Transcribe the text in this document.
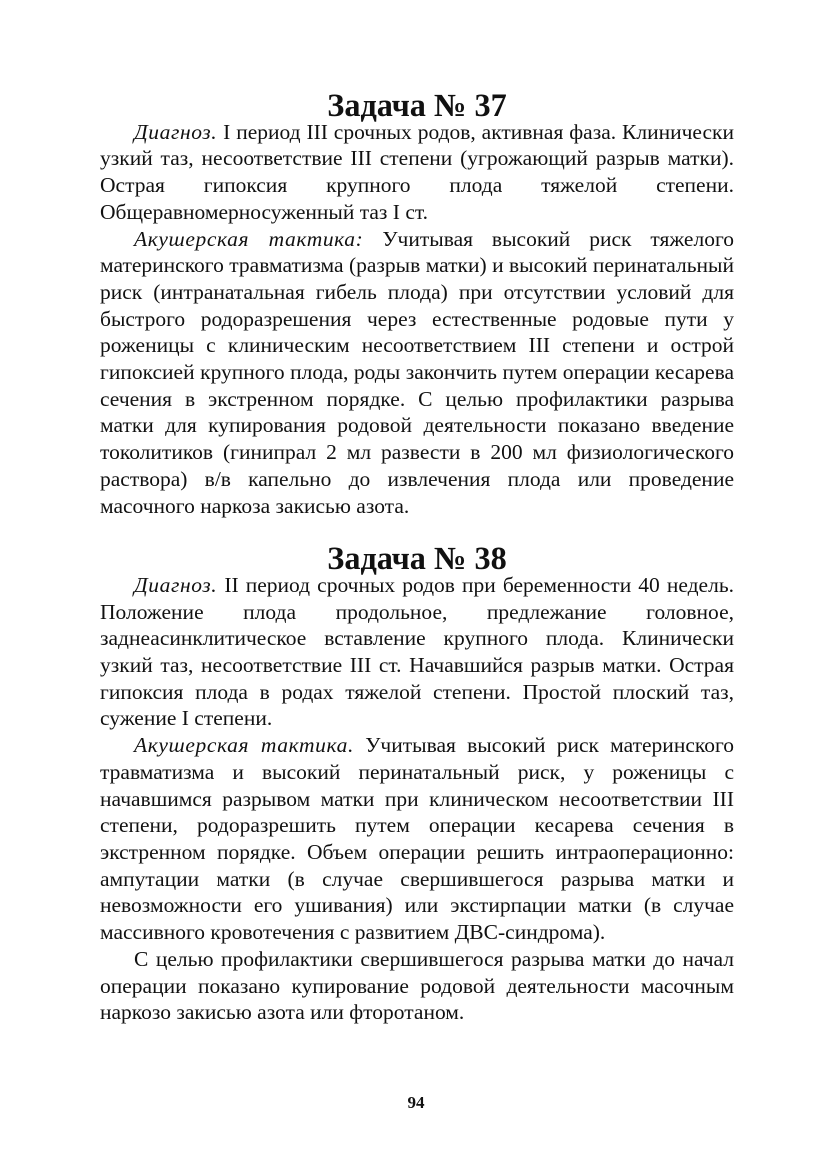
Задача № 37

Диагноз. I период III срочных родов, активная фаза. Клинически узкий таз, несоответствие III степени (угрожающий разрыв матки). Острая гипоксия крупного плода тяжелой степени. Общеравномерносуженный таз I ст.

Акушерская тактика: Учитывая высокий риск тяжелого материнского травматизма (разрыв матки) и высокий перинатальный риск (интранатальная гибель плода) при отсутствии условий для быстрого родоразрешения через естественные родовые пути у роженицы с клиническим несоответствием III степени и острой гипоксией крупного плода, роды закончить путем операции кесарева сечения в экстренном порядке. С целью профилактики разрыва матки для купирования родовой деятельности показано введение токолитиков (гинипрал 2 мл развести в 200 мл физиологического раствора) в/в капельно до извлечения плода или проведение масочного наркоза закисью азота.

Задача № 38

Диагноз. II период срочных родов при беременности 40 недель. Положение плода продольное, предлежание головное, заднеасинклитическое вставление крупного плода. Клинически узкий таз, несоответствие III ст. Начавшийся разрыв матки. Острая гипоксия плода в родах тяжелой степени. Простой плоский таз, сужение I степени.

Акушерская тактика. Учитывая высокий риск материнского травматизма и высокий перинатальный риск, у роженицы с начавшимся разрывом матки при клиническом несоответствии III степени, родоразрешить путем операции кесарева сечения в экстренном порядке. Объем операции решить интраоперационно: ампутации матки (в случае свершившегося разрыва матки и невозможности его ушивания) или экстирпации матки (в случае массивного кровотечения с развитием ДВС-синдрома).

С целью профилактики свершившегося разрыва матки до начал операции показано купирование родовой деятельности масочным наркозо закисью азота или фторотаном.

94
